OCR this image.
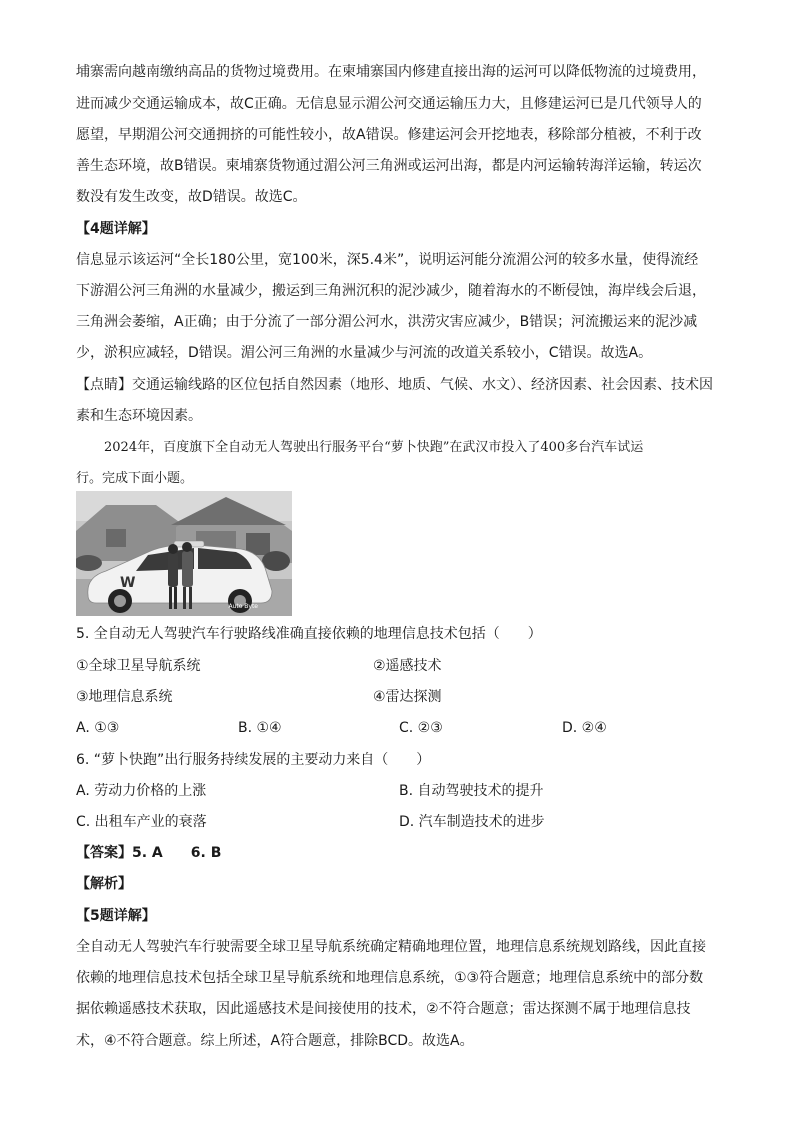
埔寨需向越南缴纳高品的货物过境费用。在柬埔寨国内修建直接出海的运河可以降低物流的过境费用，
进而减少交通运输成本，故C正确。无信息显示湄公河交通运输压力大，且修建运河已是几代领导人的
愿望，早期湄公河交通拥挤的可能性较小，故A错误。修建运河会开挖地表，移除部分植被，不利于改
善生态环境，故B错误。柬埔寨货物通过湄公河三角洲或运河出海，都是内河运输转海洋运输，转运次
数没有发生改变，故D错误。故选C。
【4题详解】
信息显示该运河“全长180公里，宽100米，深5.4米”，说明运河能分流湄公河的较多水量，使得流经
下游湄公河三角洲的水量减少，搬运到三角洲沉积的泥沙减少，随着海水的不断侵蚀，海岸线会后退，
三角洲会萎缩，A正确；由于分流了一部分湄公河水，洪涝灾害应减少，B错误；河流搬运来的泥沙减
少，淤积应减轻，D错误。湄公河三角洲的水量减少与河流的改道关系较小，C错误。故选A。
【点睛】交通运输线路的区位包括自然因素（地形、地质、气候、水文）、经济因素、社会因素、技术因
素和生态环境因素。
2024年，百度旗下全自动无人驾驶出行服务平台“萝卜快跑”在武汉市投入了400多台汽车试运
行。完成下面小题。
W
Auto Byte
5. 全自动无人驾驶汽车行驶路线准确直接依赖的地理信息技术包括（　　）
①全球卫星导航系统	②遥感技术
③地理信息系统	④雷达探测
A. ①③	B. ①④	C. ②③	D. ②④
6. “萝卜快跑”出行服务持续发展的主要动力来自（　　）
A. 劳动力价格的上涨	B. 自动驾驶技术的提升
C. 出租车产业的衰落	D. 汽车制造技术的进步
【答案】5. A　　6. B
【解析】
【5题详解】
全自动无人驾驶汽车行驶需要全球卫星导航系统确定精确地理位置，地理信息系统规划路线，因此直接
依赖的地理信息技术包括全球卫星导航系统和地理信息系统，①③符合题意；地理信息系统中的部分数
据依赖遥感技术获取，因此遥感技术是间接使用的技术，②不符合题意；雷达探测不属于地理信息技
术，④不符合题意。综上所述，A符合题意，排除BCD。故选A。
